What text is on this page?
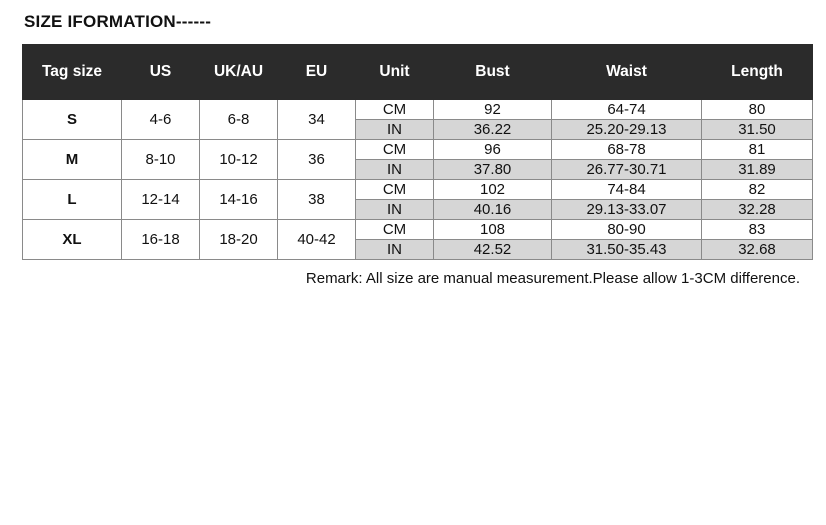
SIZE IFORMATION------
Tag size	US	UK/AU	EU	Unit	Bust	Waist	Length
S	4-6	6-8	34	CM	92	64-74	80
				IN	36.22	25.20-29.13	31.50
M	8-10	10-12	36	CM	96	68-78	81
				IN	37.80	26.77-30.71	31.89
L	12-14	14-16	38	CM	102	74-84	82
				IN	40.16	29.13-33.07	32.28
XL	16-18	18-20	40-42	CM	108	80-90	83
				IN	42.52	31.50-35.43	32.68
Remark: All size are manual measurement.Please allow 1-3CM difference.
